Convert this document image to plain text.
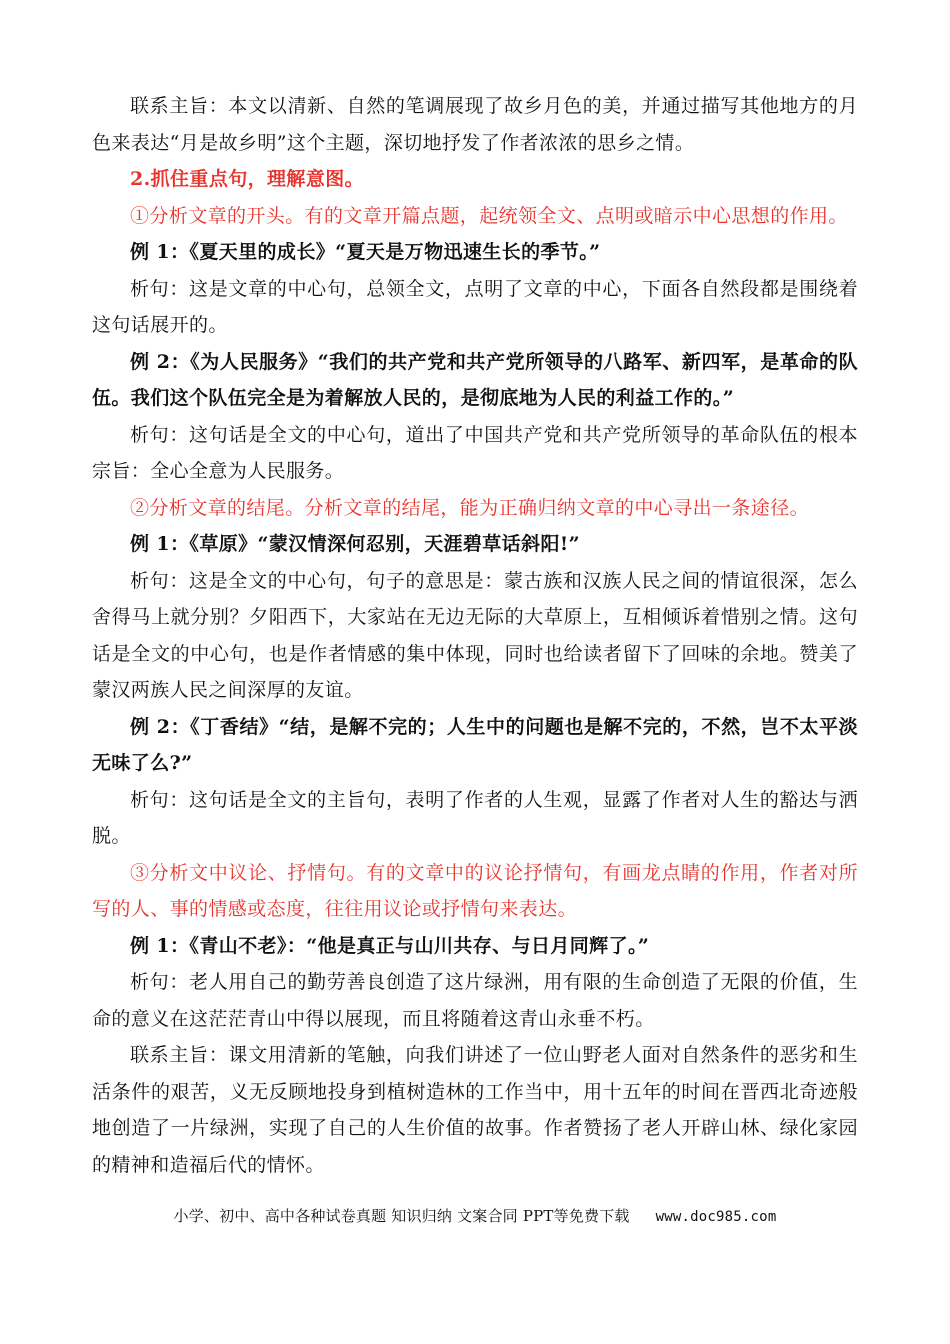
联系主旨：本文以清新、自然的笔调展现了故乡月色的美，并通过描写其他地方的月色来表达“月是故乡明”这个主题，深切地抒发了作者浓浓的思乡之情。

2.抓住重点句，理解意图。

①分析文章的开头。有的文章开篇点题，起统领全文、点明或暗示中心思想的作用。

例 1：《夏天里的成长》“夏天是万物迅速生长的季节。”

析句：这是文章的中心句，总领全文，点明了文章的中心，下面各自然段都是围绕着这句话展开的。

例 2：《为人民服务》“我们的共产党和共产党所领导的八路军、新四军，是革命的队伍。我们这个队伍完全是为着解放人民的，是彻底地为人民的利益工作的。”

析句：这句话是全文的中心句，道出了中国共产党和共产党所领导的革命队伍的根本宗旨：全心全意为人民服务。

②分析文章的结尾。分析文章的结尾，能为正确归纳文章的中心寻出一条途径。

例 1：《草原》“蒙汉情深何忍别，天涯碧草话斜阳!”

析句：这是全文的中心句，句子的意思是：蒙古族和汉族人民之间的情谊很深，怎么舍得马上就分别？夕阳西下，大家站在无边无际的大草原上，互相倾诉着惜别之情。这句话是全文的中心句，也是作者情感的集中体现，同时也给读者留下了回味的余地。赞美了蒙汉两族人民之间深厚的友谊。

例 2：《丁香结》“结，是解不完的；人生中的问题也是解不完的，不然，岂不太平淡无味了么?”

析句：这句话是全文的主旨句，表明了作者的人生观，显露了作者对人生的豁达与洒脱。

③分析文中议论、抒情句。有的文章中的议论抒情句，有画龙点睛的作用，作者对所写的人、事的情感或态度，往往用议论或抒情句来表达。

例 1：《青山不老》：“他是真正与山川共存、与日月同辉了。”

析句：老人用自己的勤劳善良创造了这片绿洲，用有限的生命创造了无限的价值，生命的意义在这茫茫青山中得以展现，而且将随着这青山永垂不朽。

联系主旨：课文用清新的笔触，向我们讲述了一位山野老人面对自然条件的恶劣和生活条件的艰苦，义无反顾地投身到植树造林的工作当中，用十五年的时间在晋西北奇迹般地创造了一片绿洲，实现了自己的人生价值的故事。作者赞扬了老人开辟山林、绿化家园的精神和造福后代的情怀。

小学、初中、高中各种试卷真题 知识归纳 文案合同 PPT等免费下载 www.doc985.com
